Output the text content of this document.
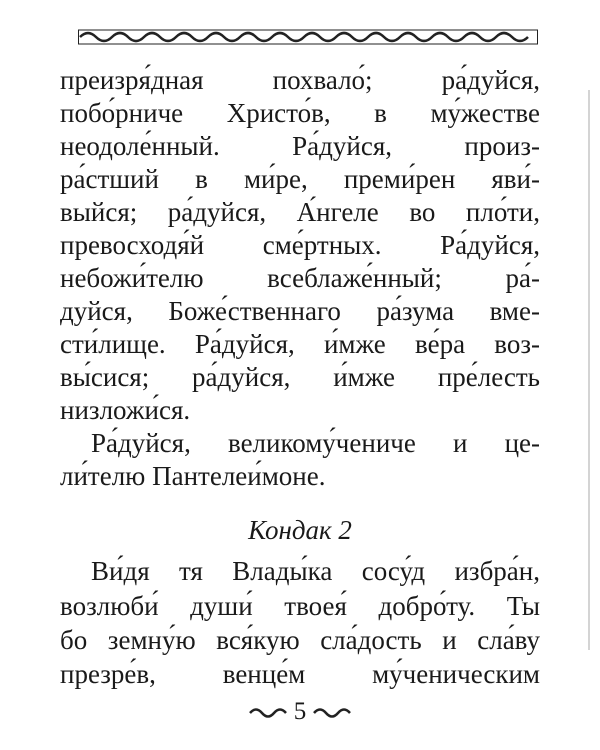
преизря́дная похвало́; ра́дуйся,
побо́рниче Христо́в, в му́жестве
неодоле́нный. Ра́дуйся, произ-
ра́стший в ми́ре, преми́рен яви́-
выйся; ра́дуйся, А́нгеле во пло́ти,
превосходя́й сме́ртных. Ра́дуйся,
небожи́телю всеблаже́нный; ра́-
дуйся, Боже́ственнаго ра́зума вме-
сти́лище. Ра́дуйся, и́мже ве́ра воз-
вы́сися; ра́дуйся, и́мже пре́лесть
низложи́ся.
Ра́дуйся, великому́чениче и це-
ли́телю Пантелеи́моне.
Кондак 2
Ви́дя тя Влады́ка сосу́д избра́н,
возлюби́ души́ твоея́ добро́ту. Ты
бо земну́ю вся́кую сла́дость и сла́ву
презре́в, венце́м му́ченическим
5
